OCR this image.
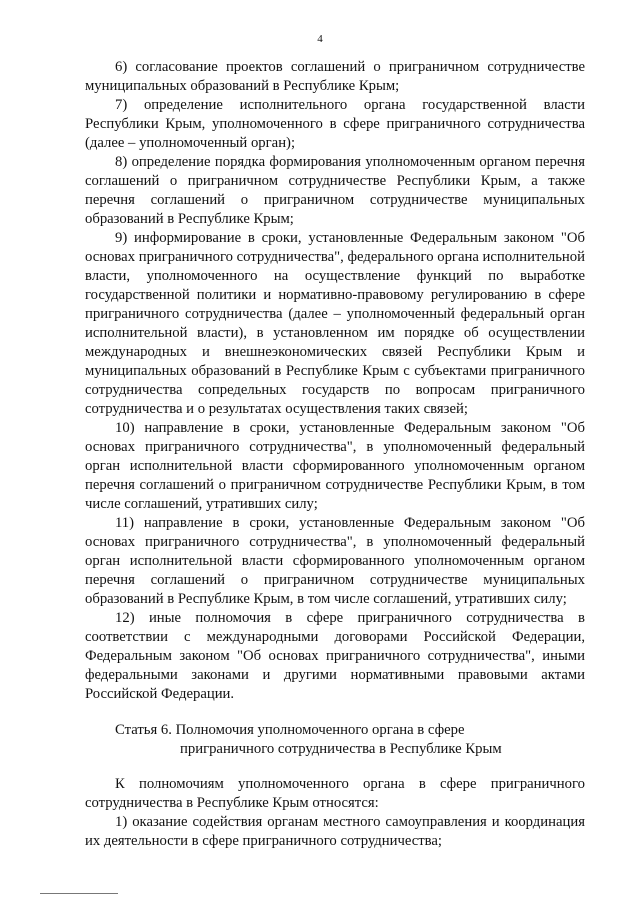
4

6) согласование проектов соглашений о приграничном сотрудничестве муниципальных образований в Республике Крым;

7) определение исполнительного органа государственной власти Республики Крым, уполномоченного в сфере приграничного сотрудничества (далее – уполномоченный орган);

8) определение порядка формирования уполномоченным органом перечня соглашений о приграничном сотрудничестве Республики Крым, а также перечня соглашений о приграничном сотрудничестве муниципальных образований в Республике Крым;

9) информирование в сроки, установленные Федеральным законом "Об основах приграничного сотрудничества", федерального органа исполнительной власти, уполномоченного на осуществление функций по выработке государственной политики и нормативно-правовому регулированию в сфере приграничного сотрудничества (далее – уполномоченный федеральный орган исполнительной власти), в установленном им порядке об осуществлении международных и внешнеэкономических связей Республики Крым и муниципальных образований в Республике Крым с субъектами приграничного сотрудничества сопредельных государств по вопросам приграничного сотрудничества и о результатах осуществления таких связей;

10) направление в сроки, установленные Федеральным законом "Об основах приграничного сотрудничества", в уполномоченный федеральный орган исполнительной власти сформированного уполномоченным органом перечня соглашений о приграничном сотрудничестве Республики Крым, в том числе соглашений, утративших силу;

11) направление в сроки, установленные Федеральным законом "Об основах приграничного сотрудничества", в уполномоченный федеральный орган исполнительной власти сформированного уполномоченным органом перечня соглашений о приграничном сотрудничестве муниципальных образований в Республике Крым, в том числе соглашений, утративших силу;

12) иные полномочия в сфере приграничного сотрудничества в соответствии с международными договорами Российской Федерации, Федеральным законом "Об основах приграничного сотрудничества", иными федеральными законами и другими нормативными правовыми актами Российской Федерации.

Статья 6. Полномочия уполномоченного органа в сфере
приграничного сотрудничества в Республике Крым

К полномочиям уполномоченного органа в сфере приграничного сотрудничества в Республике Крым относятся:

1) оказание содействия органам местного самоуправления и координация их деятельности в сфере приграничного сотрудничества;
